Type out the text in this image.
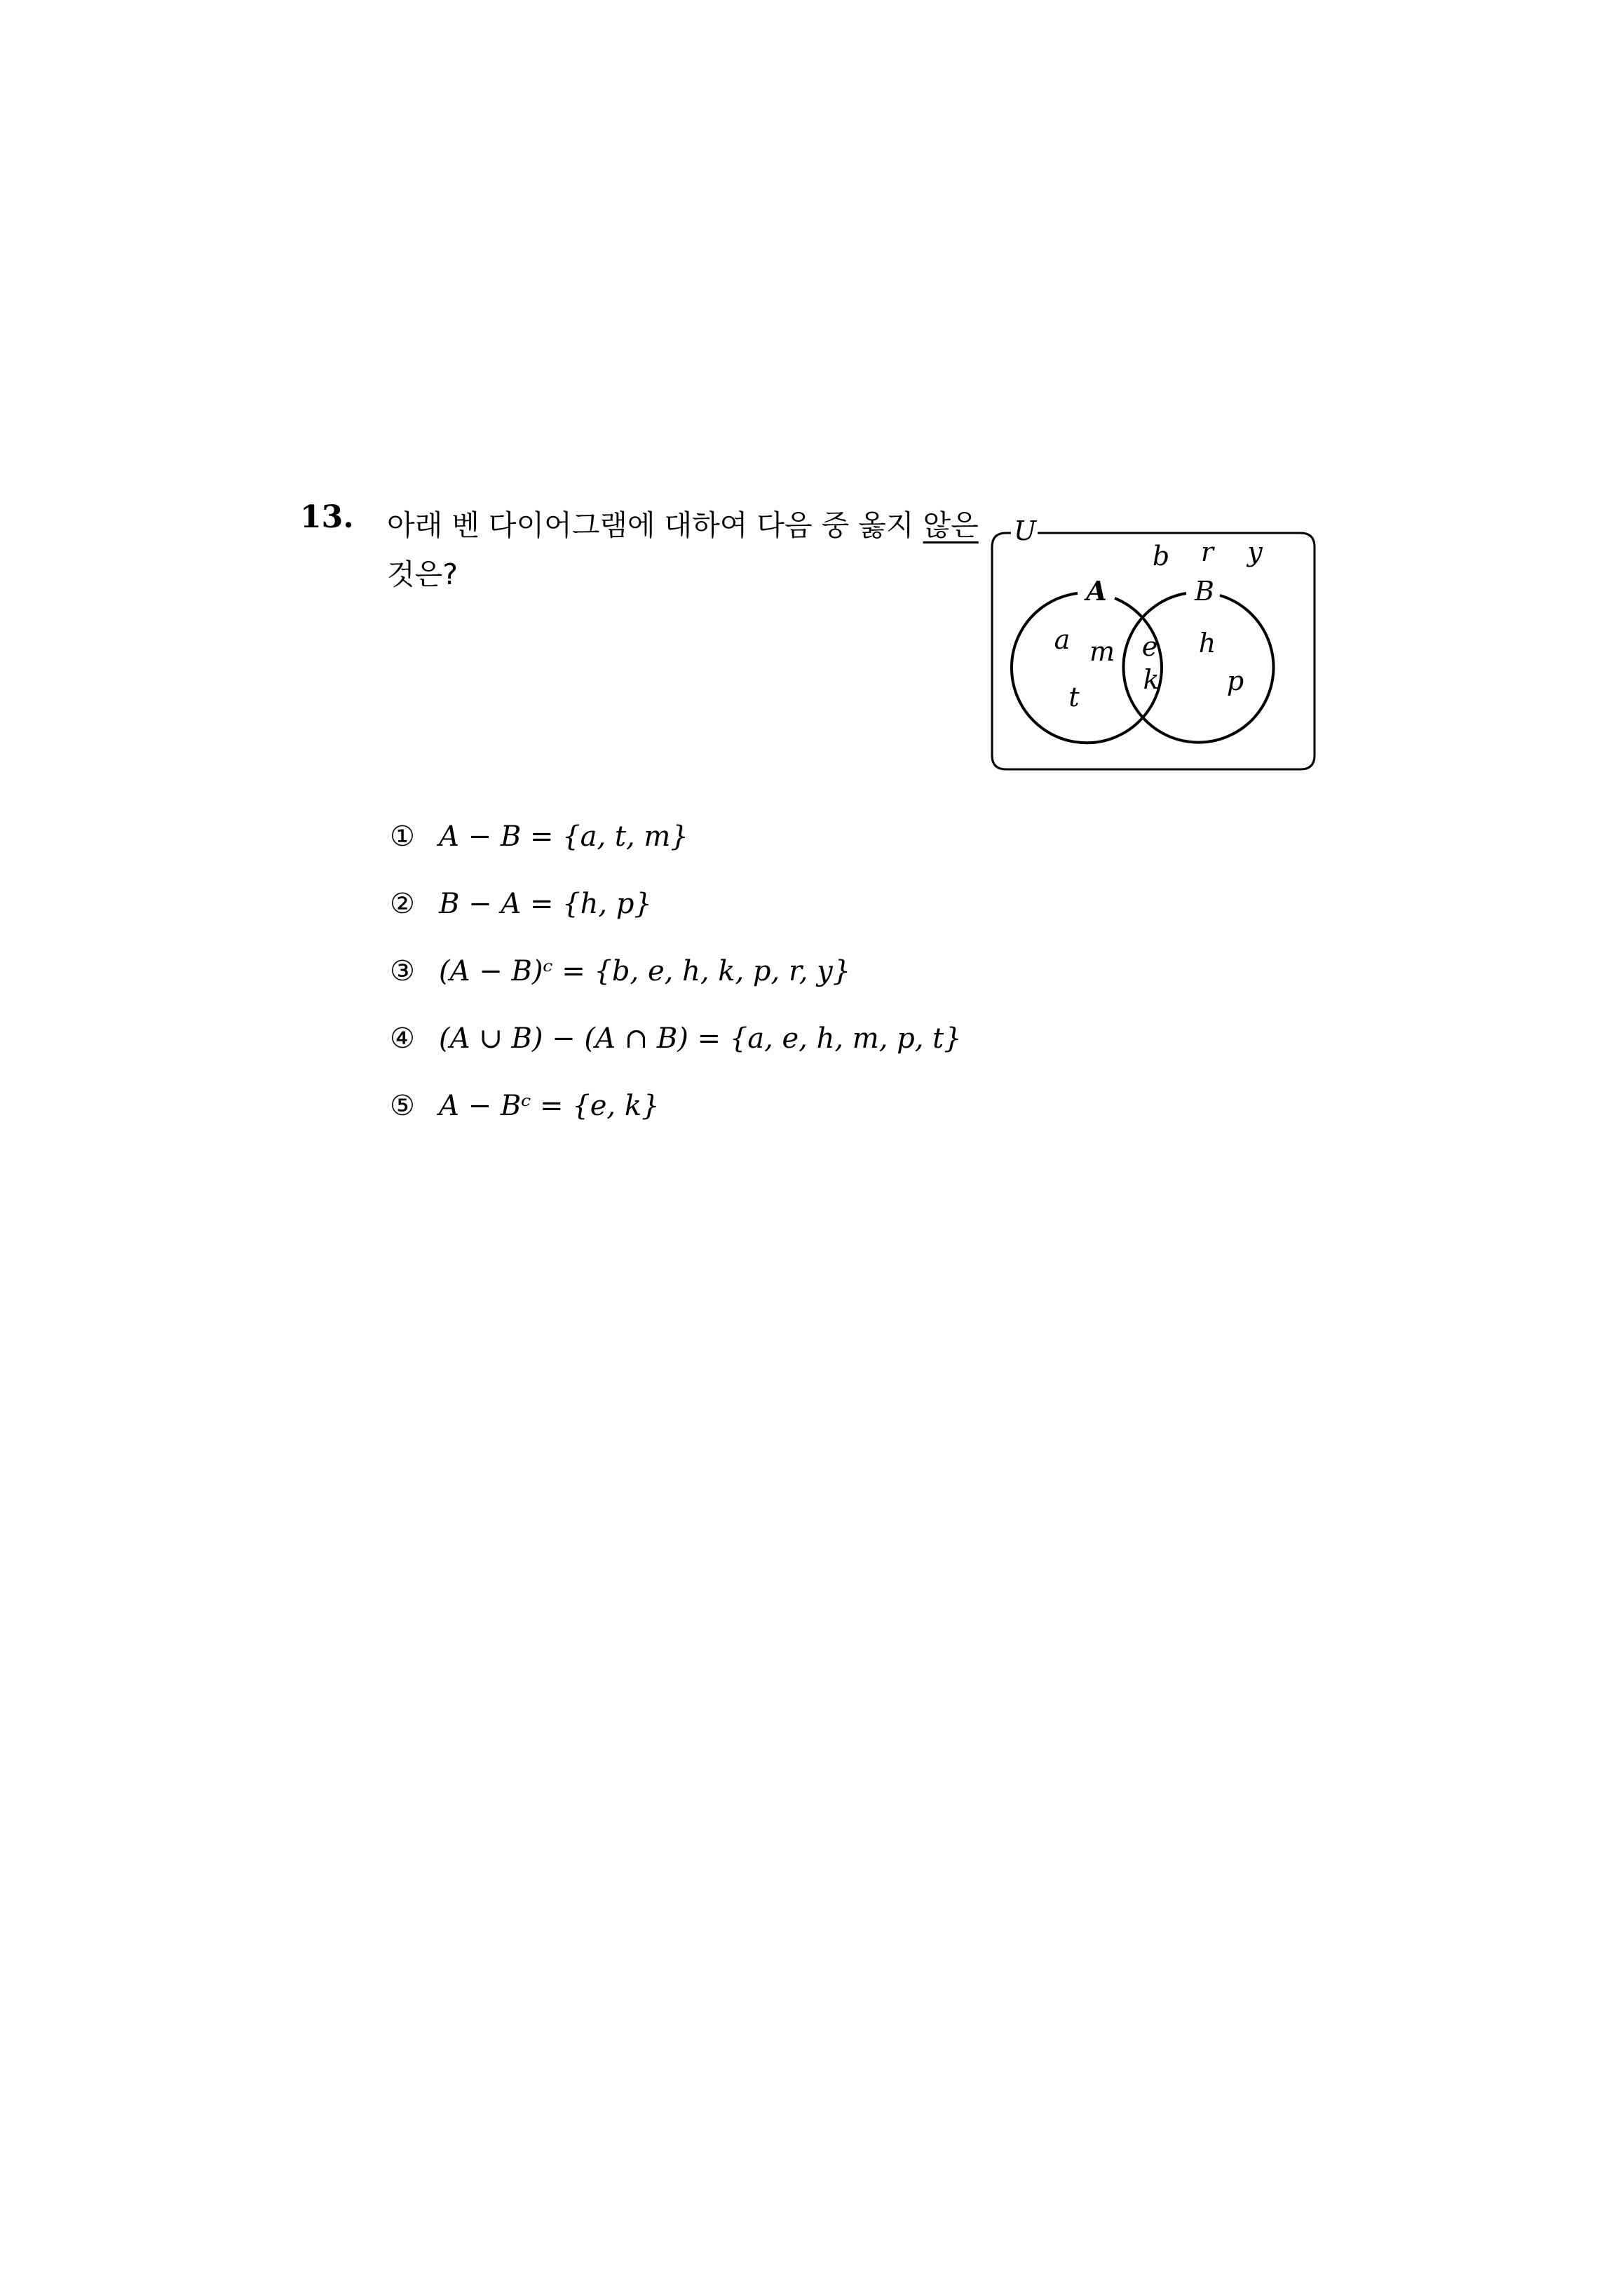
13. 아래 벤 다이어그램에 대하여 다음 중 옳지 않은
것은?
U
A	B
b r y
a m
t
e
k
h
p
① A − B = {a, t, m}
② B − A = {h, p}
③ (A − B)ᶜ = {b, e, h, k, p, r, y}
④ (A ∪ B) − (A ∩ B) = {a, e, h, m, p, t}
⑤ A − Bᶜ = {e, k}
